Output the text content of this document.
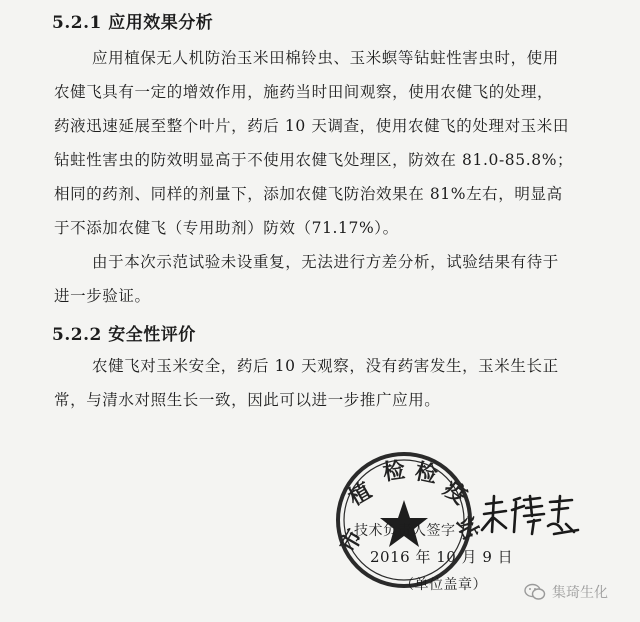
5.2.1 应用效果分析
应用植保无人机防治玉米田棉铃虫、玉米螟等钻蛀性害虫时，使用
农健飞具有一定的增效作用，施药当时田间观察，使用农健飞的处理，
药液迅速延展至整个叶片，药后 10 天调查，使用农健飞的处理对玉米田
钻蛀性害虫的防效明显高于不使用农健飞处理区，防效在 81.0-85.8%；
相同的药剂、同样的剂量下，添加农健飞防治效果在 81%左右，明显高
于不添加农健飞（专用助剂）防效（71.17%）。
由于本次示范试验未设重复，无法进行方差分析，试验结果有待于
进一步验证。
5.2.2 安全性评价
农健飞对玉米安全，药后 10 天观察，没有药害发生，玉米生长正
常，与清水对照生长一致，因此可以进一步推广应用。
市
植
检 检
疫
站
技术负责人签字
2016 年 10 月 9 日
（单位盖章）	集琦生化
